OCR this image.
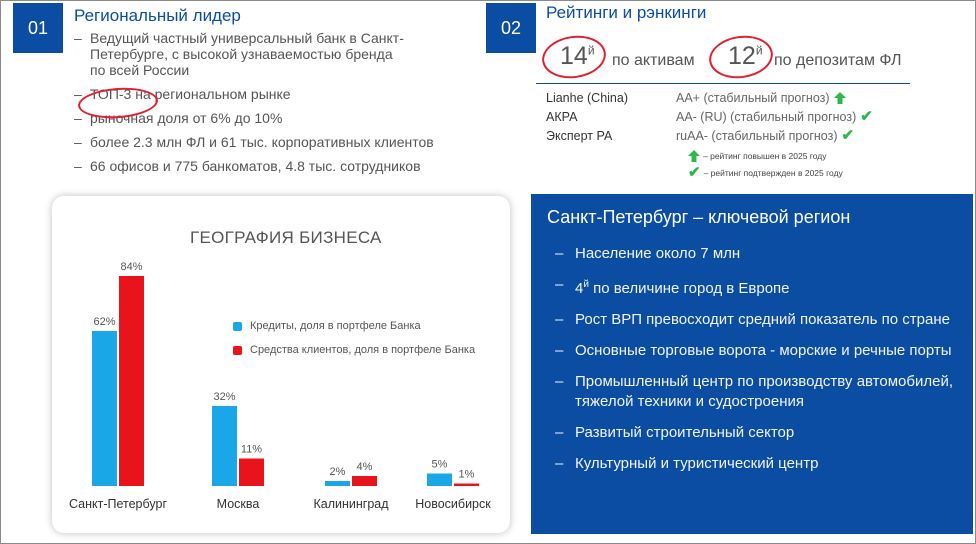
01
Региональный лидер
– Ведущий частный универсальный банк в Санкт-Петербурге, с высокой узнаваемостью бренда по всей России
– ТОП-3 на региональном рынке
– рыночная доля от 6% до 10%
– более 2.3 млн ФЛ и 61 тыс. корпоративных клиентов
– 66 офисов и 775 банкоматов, 4.8 тыс. сотрудников
02
Рейтинги и рэнкинги
$14^й$
по активам $12^й$
по депозитам ФЛ
Lianhe (China)	AA+ (стабильный прогноз)
АКРА	AA- (RU) (стабильный прогноз) ✔
Эксперт РА	ruAA- (стабильный прогноз) ✔
– рейтинг повышен в 2025 году
✔ – рейтинг подтвержден в 2025 году
ГЕОГРАФИЯ БИЗНЕСА
62%
84%
Санкт-Петербург
32%
11%
Москва
2% 4%
Калининград
5%
1%
Новосибирск
Кредиты, доля в портфеле Банка
Средства клиентов, доля в портфеле Банка
Санкт-Петербург – ключевой регион
– Население около 7 млн
– $4^й$ по величине город в Европе
– Рост ВРП превосходит средний показатель по стране
– Основные торговые ворота - морские и речные порты
– Промышленный центр по производству автомобилей, тяжелой техники и судостроения
– Развитый строительный сектор
– Культурный и туристический центр
